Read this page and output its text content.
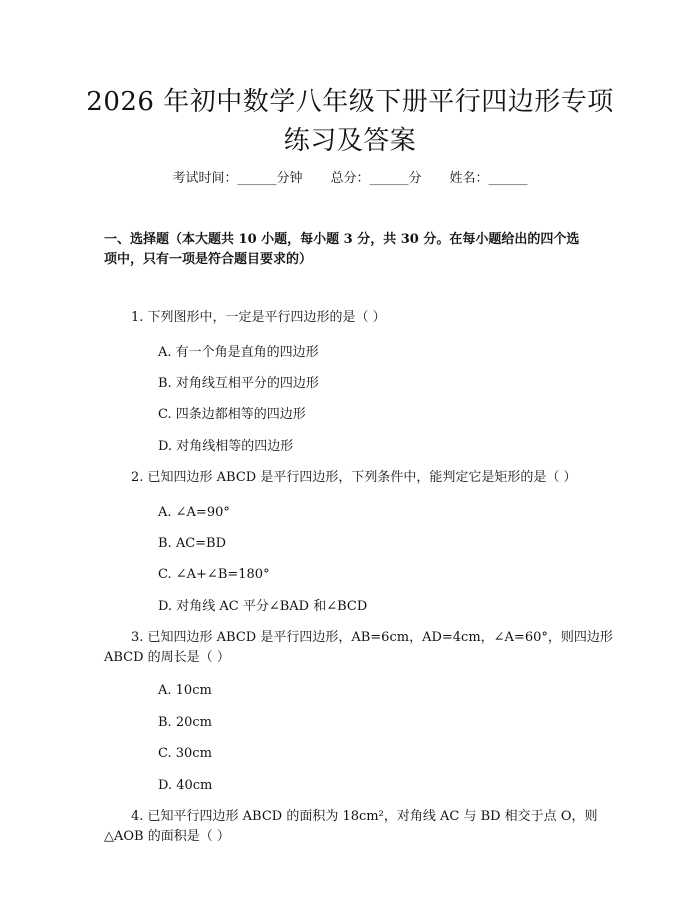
2026 年初中数学八年级下册平行四边形专项
练习及答案
考试时间：______分钟 总分：______分 姓名：______
一、选择题（本大题共 10 小题，每小题 3 分，共 30 分。在每小题给出的四个选
项中，只有一项是符合题目要求的）
1. 下列图形中，一定是平行四边形的是（ ）
A. 有一个角是直角的四边形
B. 对角线互相平分的四边形
C. 四条边都相等的四边形
D. 对角线相等的四边形
2. 已知四边形 ABCD 是平行四边形，下列条件中，能判定它是矩形的是（ ）
A. ∠A=90°
B. AC=BD
C. ∠A+∠B=180°
D. 对角线 AC 平分∠BAD 和∠BCD
3. 已知四边形 ABCD 是平行四边形，AB=6cm，AD=4cm，∠A=60°，则四边形
ABCD 的周长是（ ）
A. 10cm
B. 20cm
C. 30cm
D. 40cm
4. 已知平行四边形 ABCD 的面积为 18cm²，对角线 AC 与 BD 相交于点 O，则
△AOB 的面积是（ ）
